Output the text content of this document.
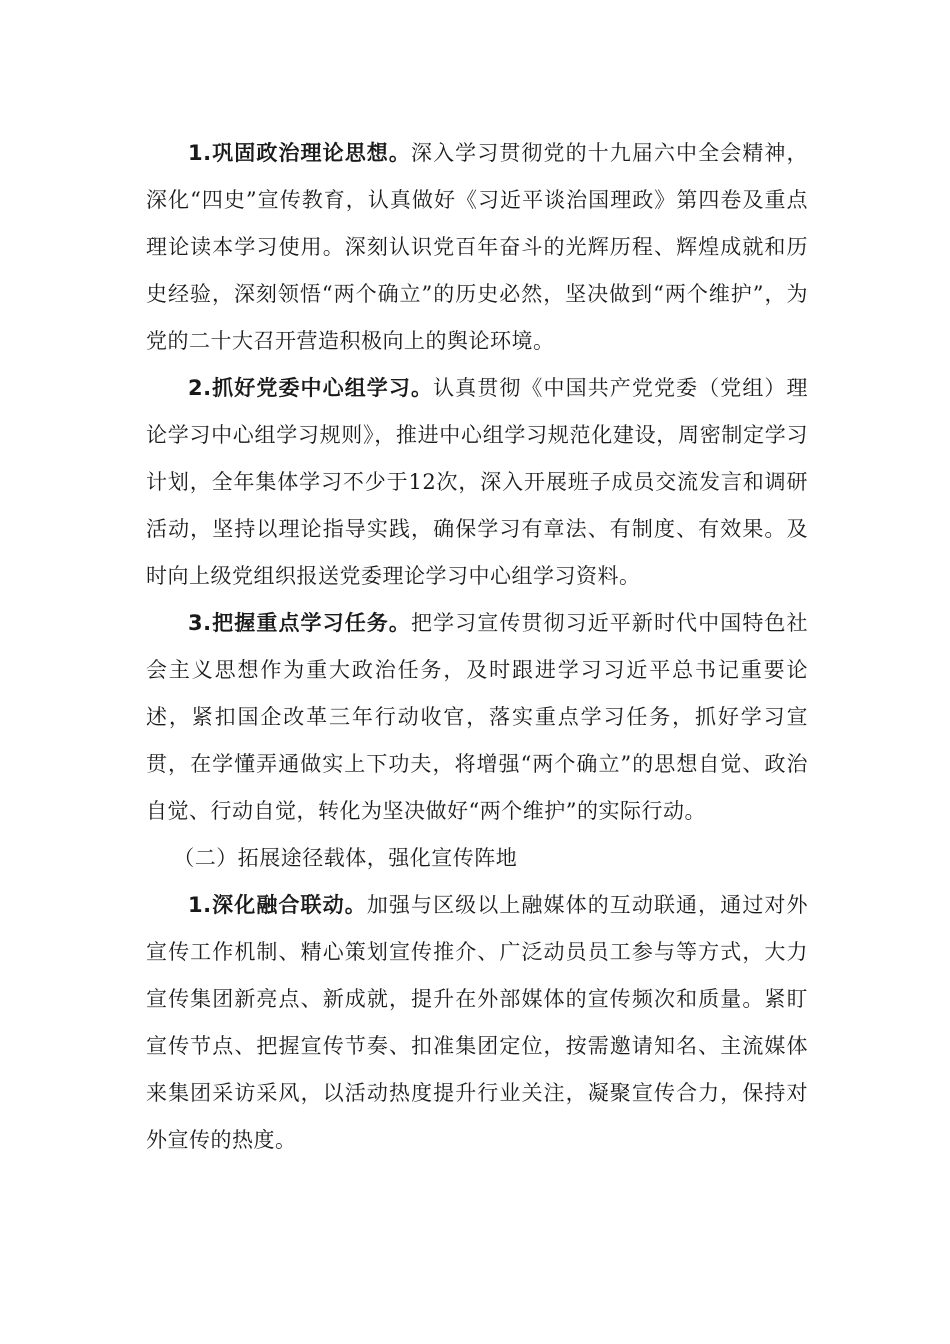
1.巩固政治理论思想。深入学习贯彻党的十九届六中全会精神，深化“四史”宣传教育，认真做好《习近平谈治国理政》第四卷及重点理论读本学习使用。深刻认识党百年奋斗的光辉历程、辉煌成就和历史经验，深刻领悟“两个确立”的历史必然，坚决做到“两个维护”，为党的二十大召开营造积极向上的舆论环境。

2.抓好党委中心组学习。认真贯彻《中国共产党党委（党组）理论学习中心组学习规则》，推进中心组学习规范化建设，周密制定学习计划，全年集体学习不少于12次，深入开展班子成员交流发言和调研活动，坚持以理论指导实践，确保学习有章法、有制度、有效果。及时向上级党组织报送党委理论学习中心组学习资料。

3.把握重点学习任务。把学习宣传贯彻习近平新时代中国特色社会主义思想作为重大政治任务，及时跟进学习习近平总书记重要论述，紧扣国企改革三年行动收官，落实重点学习任务，抓好学习宣贯，在学懂弄通做实上下功夫，将增强“两个确立”的思想自觉、政治自觉、行动自觉，转化为坚决做好“两个维护”的实际行动。

（二）拓展途径载体，强化宣传阵地

1.深化融合联动。加强与区级以上融媒体的互动联通，通过对外宣传工作机制、精心策划宣传推介、广泛动员员工参与等方式，大力宣传集团新亮点、新成就，提升在外部媒体的宣传频次和质量。紧盯宣传节点、把握宣传节奏、扣准集团定位，按需邀请知名、主流媒体来集团采访采风，以活动热度提升行业关注，凝聚宣传合力，保持对外宣传的热度。
